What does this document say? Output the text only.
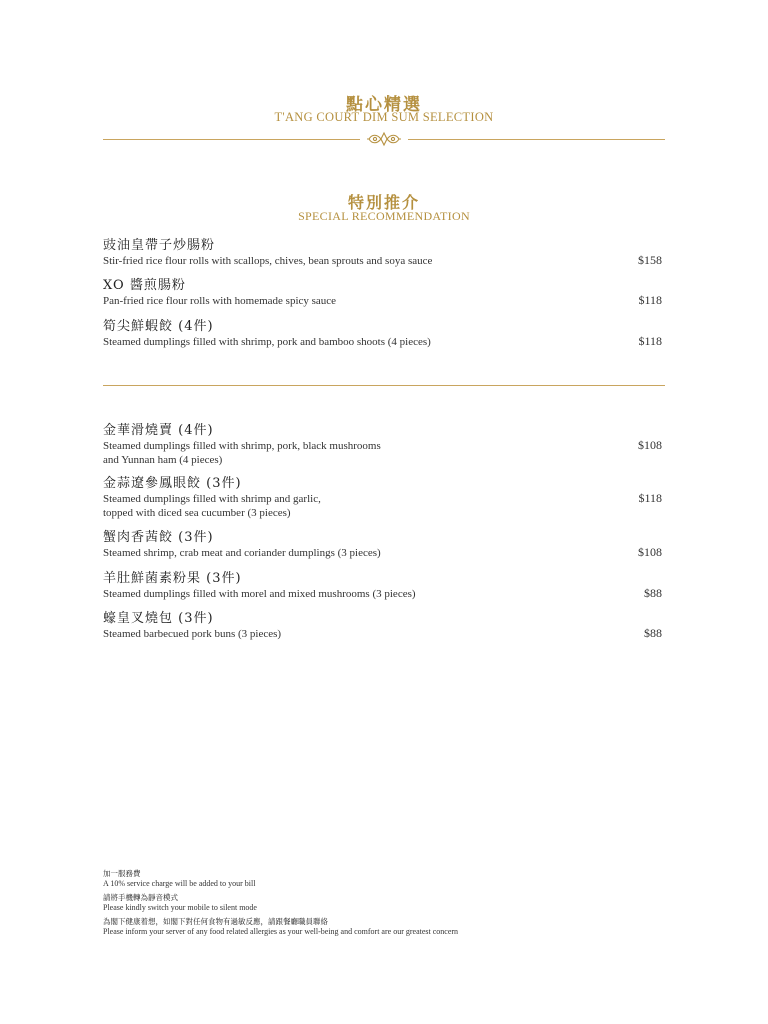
點心精選
T'ANG COURT DIM SUM SELECTION
特別推介
SPECIAL RECOMMENDATION
豉油皇帶子炒腸粉
Stir-fried rice flour rolls with scallops, chives, bean sprouts and soya sauce	$158
XO 醬煎腸粉
Pan-fried rice flour rolls with homemade spicy sauce	$118
筍尖鮮蝦餃 (4件)
Steamed dumplings filled with shrimp, pork and bamboo shoots (4 pieces)	$118
金華滑燒賣 (4件)
Steamed dumplings filled with shrimp, pork, black mushrooms
and Yunnan ham (4 pieces)
$108
金蒜遼參鳳眼餃 (3件)
Steamed dumplings filled with shrimp and garlic,
topped with diced sea cucumber (3 pieces)
$118
蟹肉香茜餃 (3件)
Steamed shrimp, crab meat and coriander dumplings (3 pieces)	$108
羊肚鮮菌素粉果 (3件)
Steamed dumplings filled with morel and mixed mushrooms (3 pieces)	$88
蠔皇叉燒包 (3件)
Steamed barbecued pork buns (3 pieces)	$88
加一服務費
A 10% service charge will be added to your bill
請將手機轉為靜音模式
Please kindly switch your mobile to silent mode
為閣下健康着想，如閣下對任何食物有過敏反應，請跟餐廳職員聯絡
Please inform your server of any food related allergies as your well-being and comfort are our greatest concern
